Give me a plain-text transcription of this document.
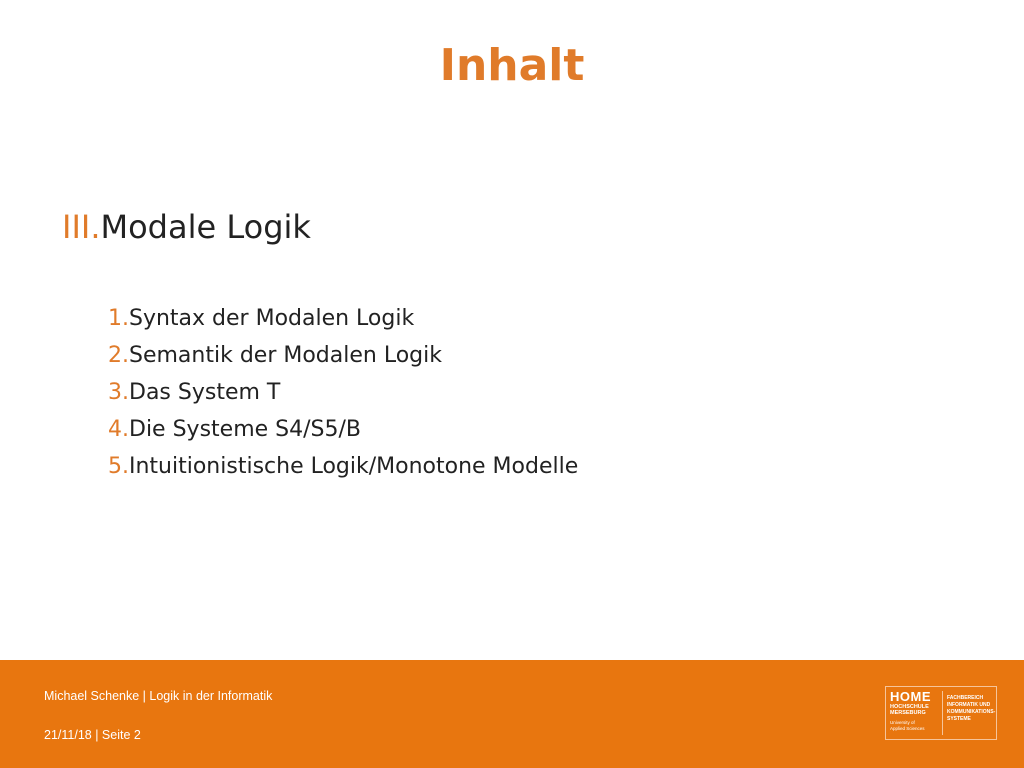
Inhalt
III.Modale Logik
1.Syntax der Modalen Logik
2.Semantik der Modalen Logik
3.Das System T
4.Die Systeme S4/S5/B
5.Intuitionistische Logik/Monotone Modelle
Michael Schenke | Logik in der Informatik
21/11/18 | Seite 2
HOME
HOCHSCHULE
MERSEBURG
University of
Applied Sciences
FACHBEREICH
INFORMATIK UND
KOMMUNIKATIONS-
SYSTEME
